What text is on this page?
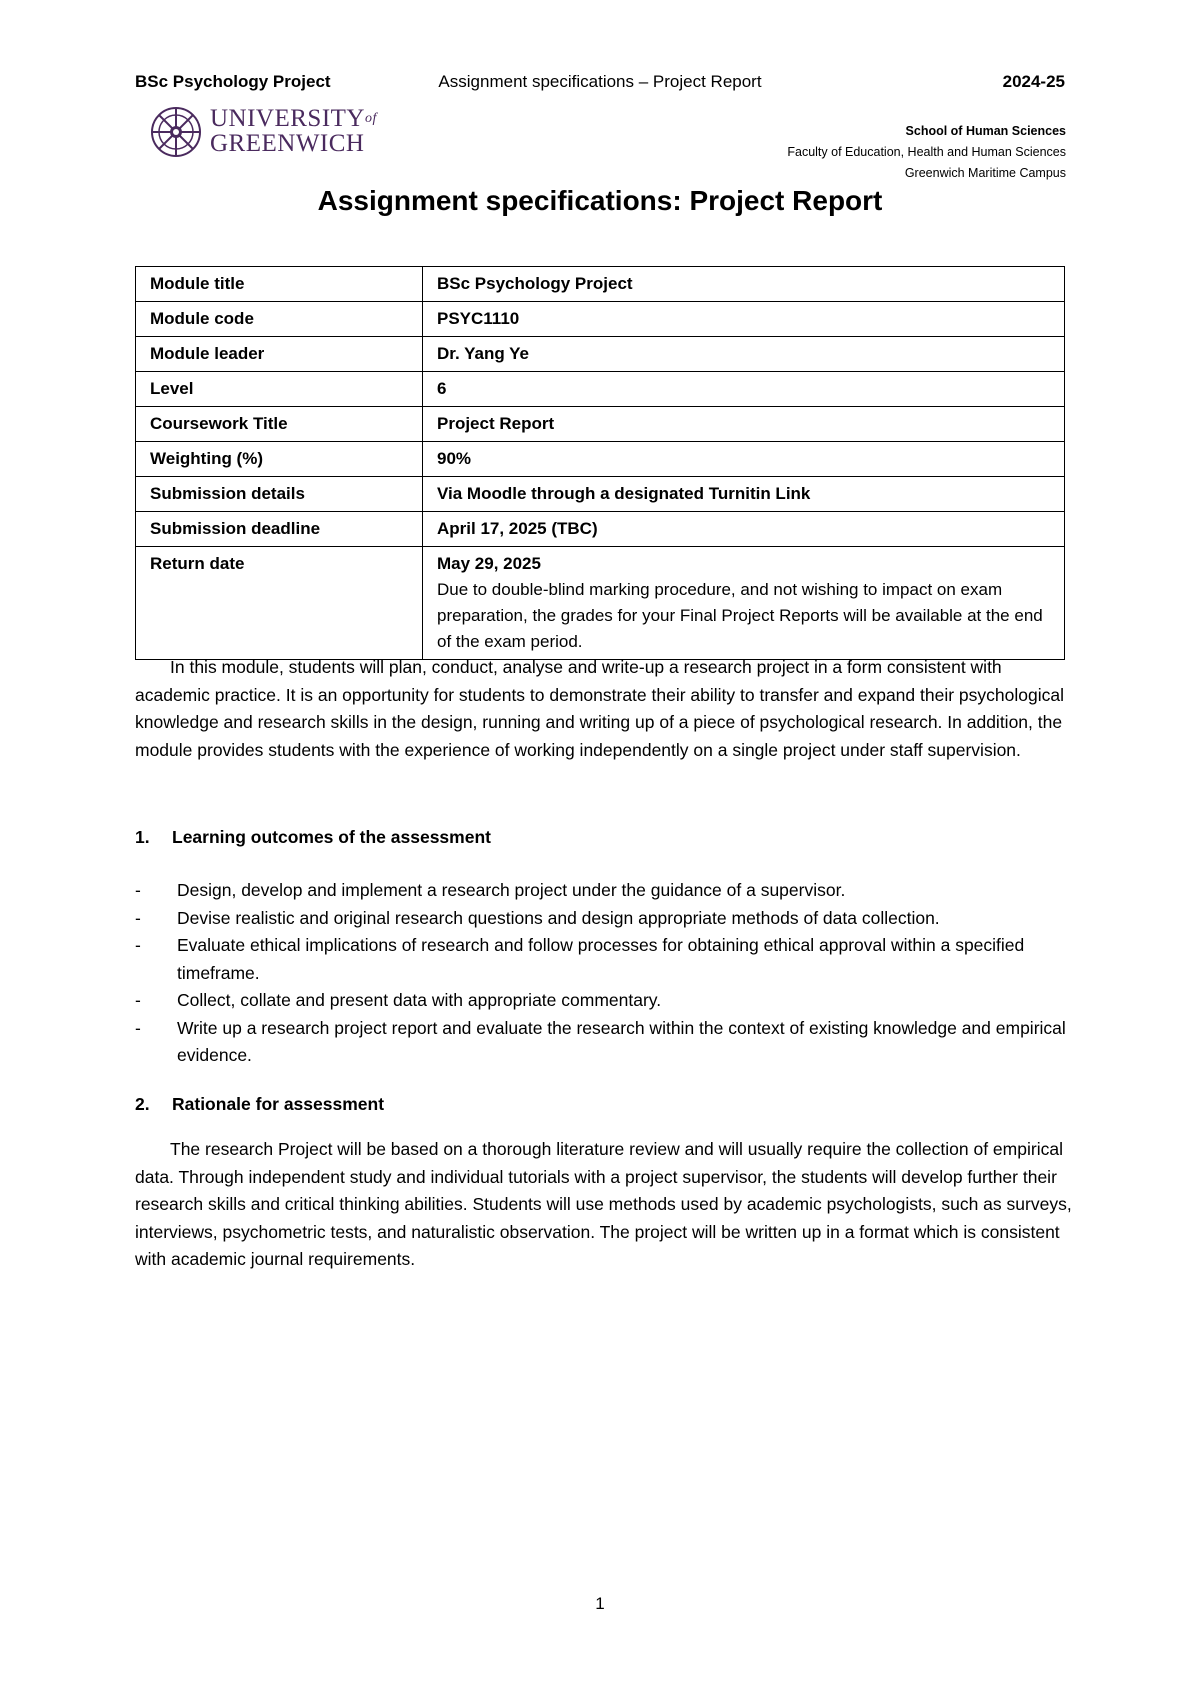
BSc Psychology Project	Assignment specifications – Project Report	2024-25
$UNIVERSITY^{of}$
GREENWICH	School of Human Sciences
Faculty of Education, Health and Human Sciences
Greenwich Maritime Campus
Assignment specifications: Project Report
Module title	BSc Psychology Project
Module code	PSYC1110
Module leader	Dr. Yang Ye
Level	6
Coursework Title	Project Report
Weighting (%)	90%
Submission details	Via Moodle through a designated Turnitin Link
Submission deadline	April 17, 2025 (TBC)
Return date	May 29, 2025
Due to double-blind marking procedure, and not wishing to impact on exam preparation, the grades for your Final Project Reports will be available at the end of the exam period.
In this module, students will plan, conduct, analyse and write-up a research project in a form consistent with academic practice. It is an opportunity for students to demonstrate their ability to transfer and expand their psychological knowledge and research skills in the design, running and writing up of a piece of psychological research. In addition, the module provides students with the experience of working independently on a single project under staff supervision.
1. Learning outcomes of the assessment
- Design, develop and implement a research project under the guidance of a supervisor.
- Devise realistic and original research questions and design appropriate methods of data collection.
- Evaluate ethical implications of research and follow processes for obtaining ethical approval within a specified timeframe.
- Collect, collate and present data with appropriate commentary.
- Write up a research project report and evaluate the research within the context of existing knowledge and empirical evidence.
2. Rationale for assessment
The research Project will be based on a thorough literature review and will usually require the collection of empirical data. Through independent study and individual tutorials with a project supervisor, the students will develop further their research skills and critical thinking abilities. Students will use methods used by academic psychologists, such as surveys, interviews, psychometric tests, and naturalistic observation. The project will be written up in a format which is consistent with academic journal requirements.
1
